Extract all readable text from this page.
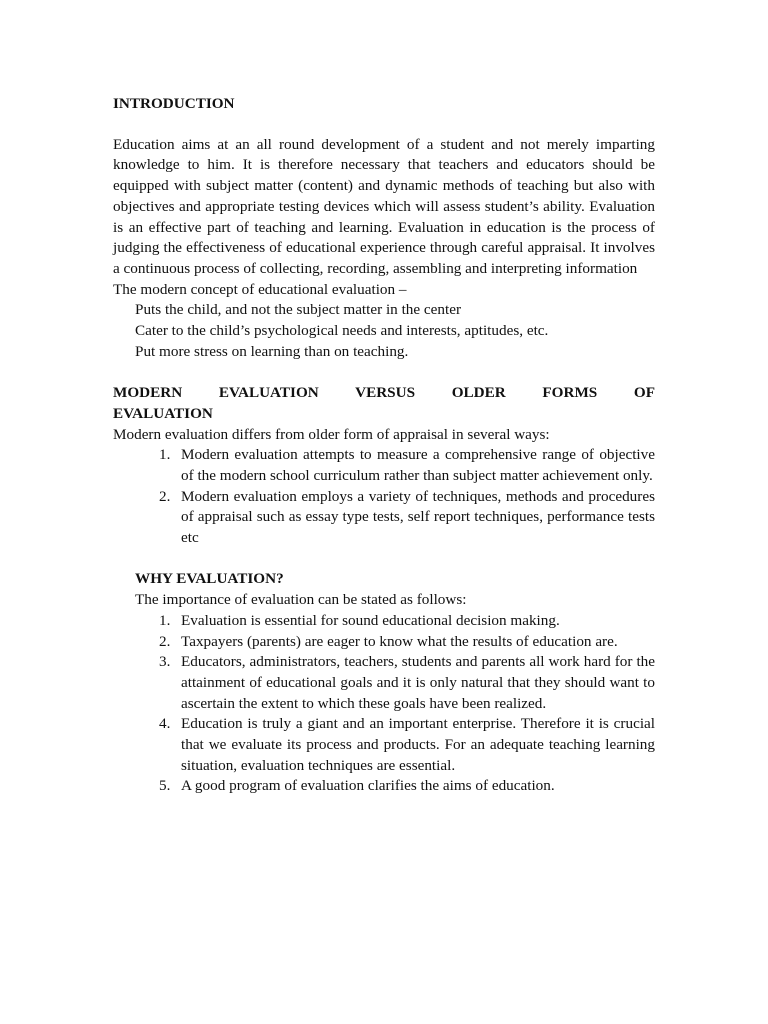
INTRODUCTION

Education aims at an all round development of a student and not merely imparting knowledge to him. It is therefore necessary that teachers and educators should be equipped with subject matter (content) and dynamic methods of teaching but also with objectives and appropriate testing devices which will assess student’s ability. Evaluation is an effective part of teaching and learning. Evaluation in education is the process of judging the effectiveness of educational experience through careful appraisal. It involves a continuous process of collecting, recording, assembling and interpreting information

The modern concept of educational evaluation –

Puts the child, and not the subject matter in the center
Cater to the child’s psychological needs and interests, aptitudes, etc.
Put more stress on learning than on teaching.
MODERN EVALUATION VERSUS OLDER FORMS OF
EVALUATION

Modern evaluation differs from older form of appraisal in several ways:

1. Modern evaluation attempts to measure a comprehensive range of objective of the modern school curriculum rather than subject matter achievement only.
2. Modern evaluation employs a variety of techniques, methods and procedures of appraisal such as essay type tests, self report techniques, performance tests etc
WHY EVALUATION?

The importance of evaluation can be stated as follows:

1. Evaluation is essential for sound educational decision making.
2. Taxpayers (parents) are eager to know what the results of education are.
3. Educators, administrators, teachers, students and parents all work hard for the attainment of educational goals and it is only natural that they should want to ascertain the extent to which these goals have been realized.
4. Education is truly a giant and an important enterprise. Therefore it is crucial that we evaluate its process and products. For an adequate teaching learning situation, evaluation techniques are essential.
5. A good program of evaluation clarifies the aims of education.
